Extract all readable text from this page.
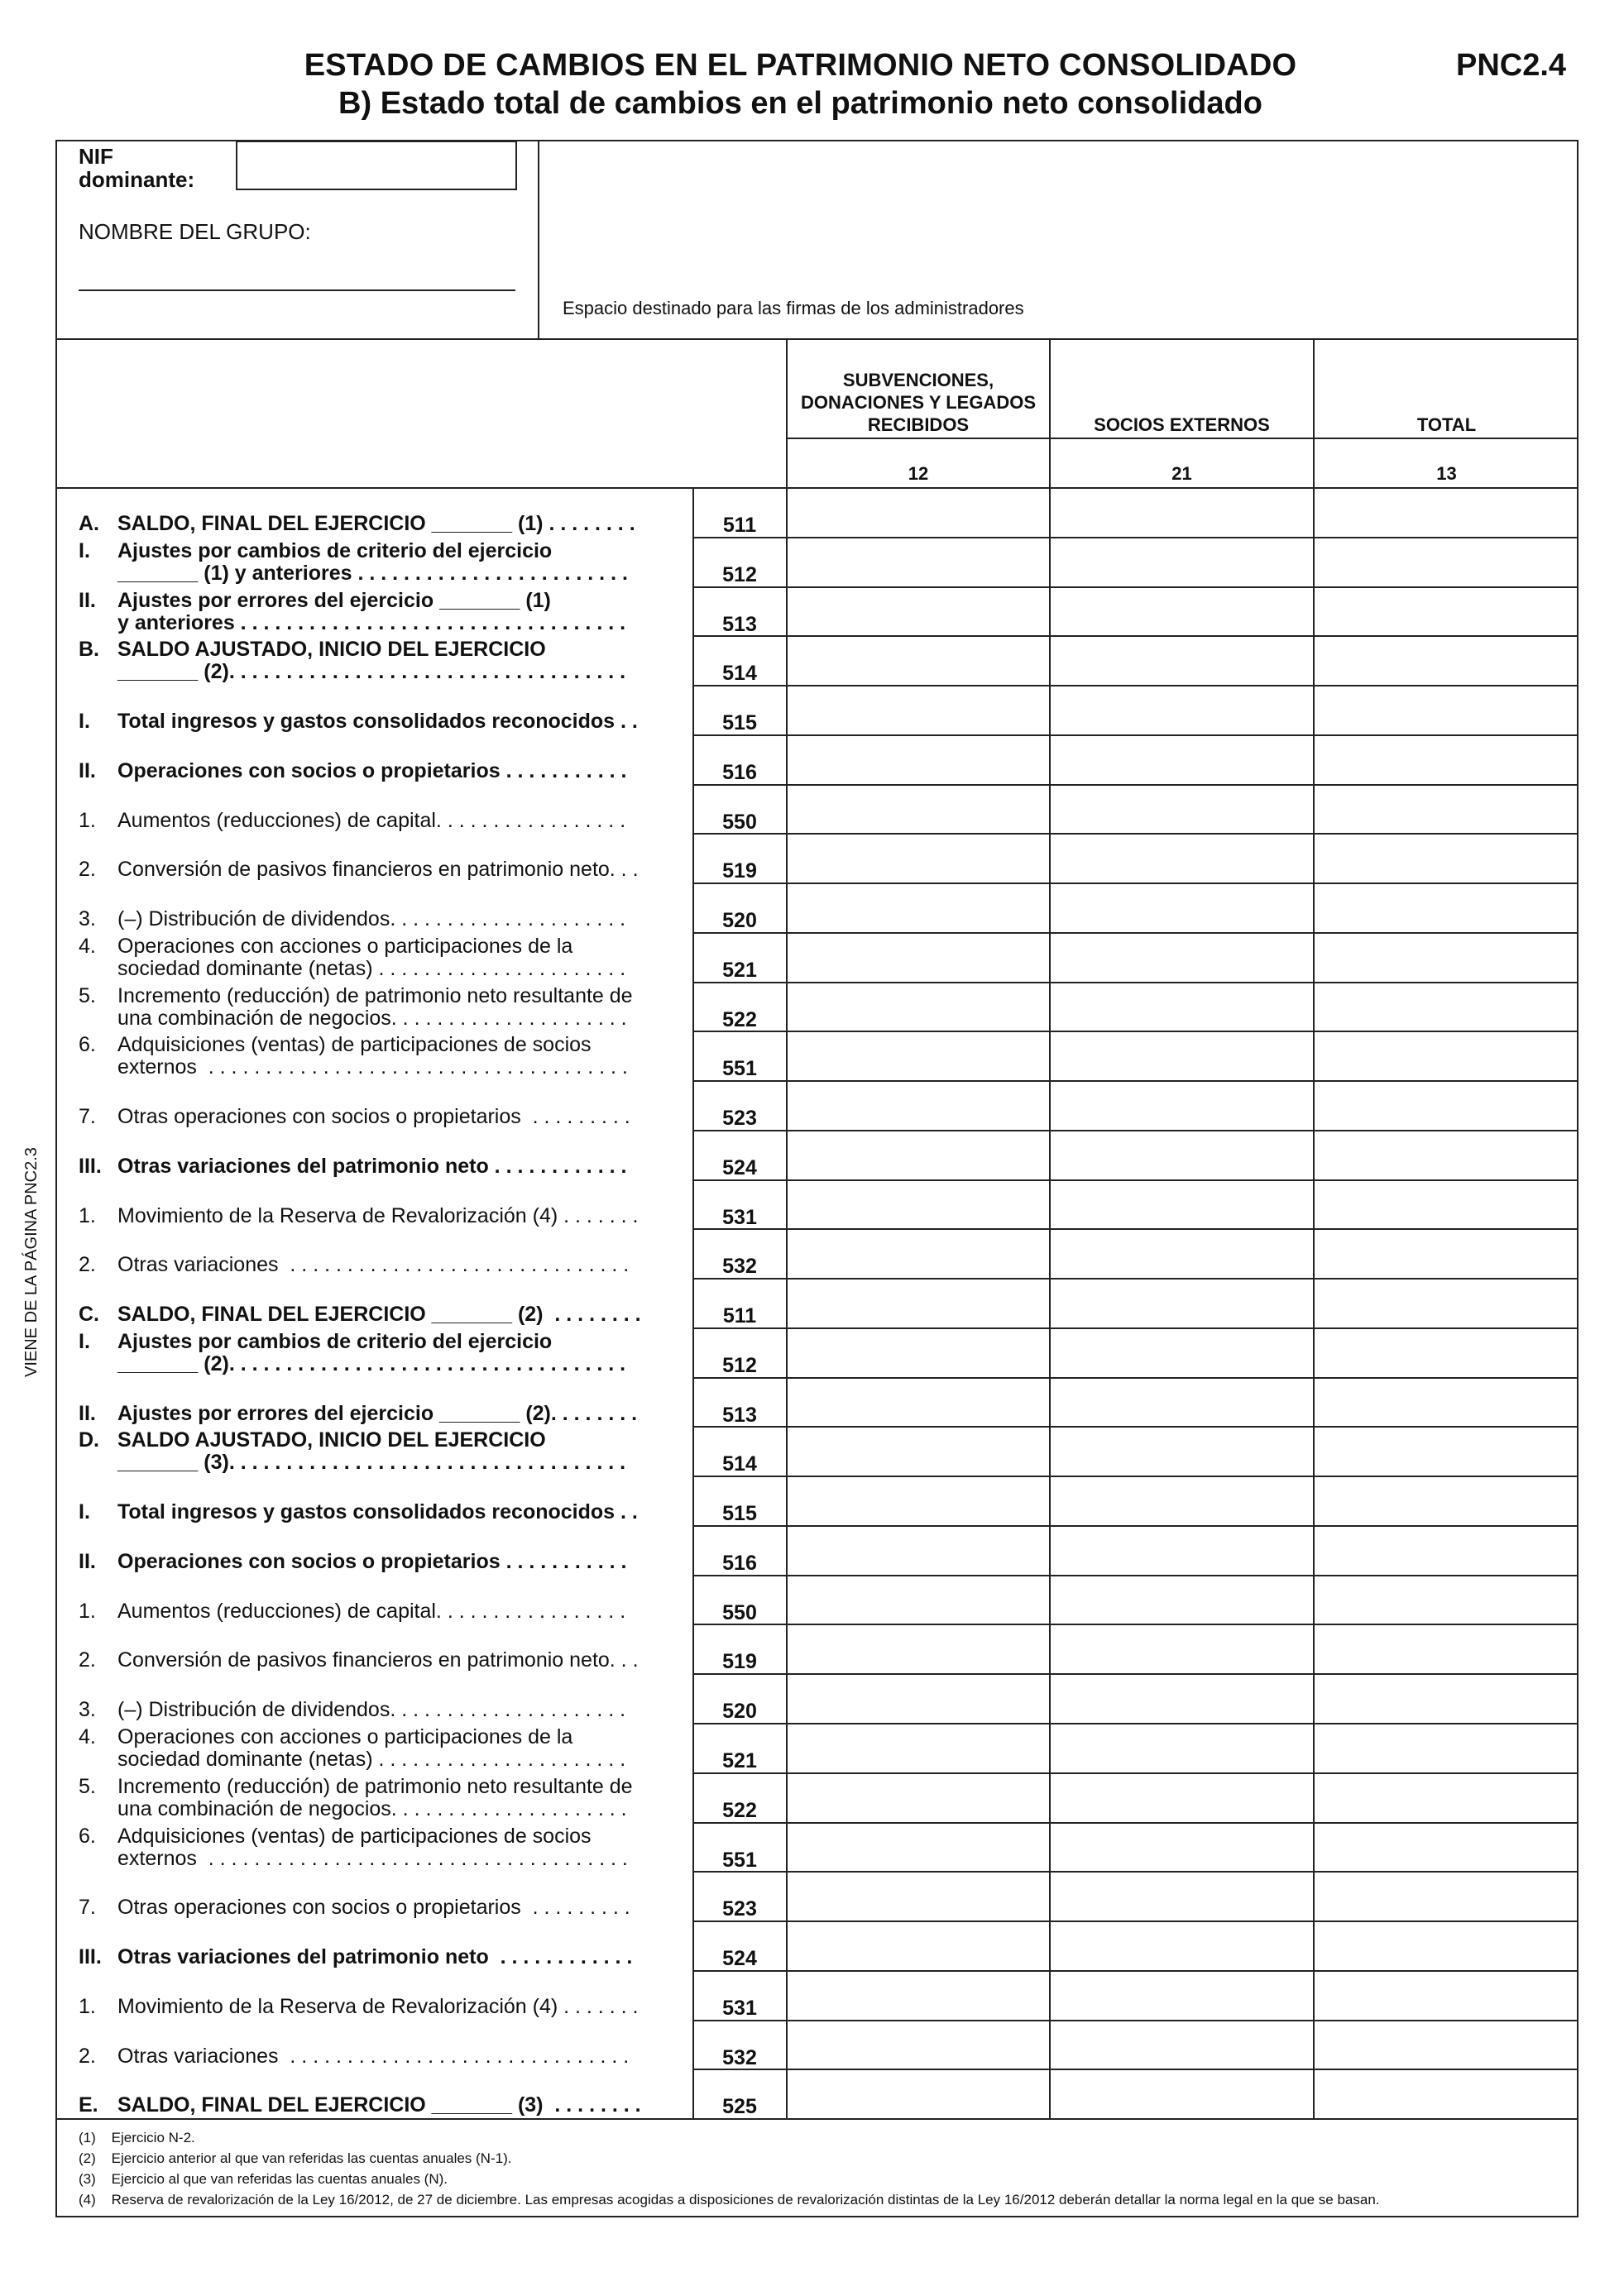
ESTADO DE CAMBIOS EN EL PATRIMONIO NETO CONSOLIDADO
B) Estado total de cambios en el patrimonio neto consolidado
PNC2.4
NIF
dominante:
NOMBRE DEL GRUPO:
Espacio destinado para las firmas de los administradores
SUBVENCIONES,
DONACIONES Y LEGADOS
RECIBIDOS	SOCIOS EXTERNOS	TOTAL
12	21	13
VIENE DE LA PÁGINA PNC2.3
A. SALDO, FINAL DEL EJERCICIO _______ (1) . . . . . . . .	511
I. Ajustes por cambios de criterio del ejercicio
_______ (1) y anteriores . . . . . . . . . . . . . . . . . . . . . . . .	512
II. Ajustes por errores del ejercicio _______ (1)
y anteriores . . . . . . . . . . . . . . . . . . . . . . . . . . . . . . . . . .	513
B. SALDO AJUSTADO, INICIO DEL EJERCICIO
_______ (2). . . . . . . . . . . . . . . . . . . . . . . . . . . . . . . . . . .	514
I. Total ingresos y gastos consolidados reconocidos . .	515
II. Operaciones con socios o propietarios . . . . . . . . . . .	516
1. Aumentos (reducciones) de capital. . . . . . . . . . . . . . . . .	550
2. Conversión de pasivos financieros en patrimonio neto. . .	519
3. (–) Distribución de dividendos. . . . . . . . . . . . . . . . . . . . .	520
4. Operaciones con acciones o participaciones de la
sociedad dominante (netas) . . . . . . . . . . . . . . . . . . . . . .	521
5. Incremento (reducción) de patrimonio neto resultante de
una combinación de negocios. . . . . . . . . . . . . . . . . . . . .	522
6. Adquisiciones (ventas) de participaciones de socios
externos  . . . . . . . . . . . . . . . . . . . . . . . . . . . . . . . . . . . . .	551
7. Otras operaciones con socios o propietarios  . . . . . . . . .	523
III. Otras variaciones del patrimonio neto . . . . . . . . . . . .	524
1. Movimiento de la Reserva de Revalorización (4) . . . . . . .	531
2. Otras variaciones  . . . . . . . . . . . . . . . . . . . . . . . . . . . . . .	532
C. SALDO, FINAL DEL EJERCICIO _______ (2)  . . . . . . . .	511
I. Ajustes por cambios de criterio del ejercicio
_______ (2). . . . . . . . . . . . . . . . . . . . . . . . . . . . . . . . . . .	512
II. Ajustes por errores del ejercicio _______ (2). . . . . . . .	513
D. SALDO AJUSTADO, INICIO DEL EJERCICIO
_______ (3). . . . . . . . . . . . . . . . . . . . . . . . . . . . . . . . . . .	514
I. Total ingresos y gastos consolidados reconocidos . .	515
II. Operaciones con socios o propietarios . . . . . . . . . . .	516
1. Aumentos (reducciones) de capital. . . . . . . . . . . . . . . . .	550
2. Conversión de pasivos financieros en patrimonio neto. . .	519
3. (–) Distribución de dividendos. . . . . . . . . . . . . . . . . . . . .	520
4. Operaciones con acciones o participaciones de la
sociedad dominante (netas) . . . . . . . . . . . . . . . . . . . . . .	521
5. Incremento (reducción) de patrimonio neto resultante de
una combinación de negocios. . . . . . . . . . . . . . . . . . . . .	522
6. Adquisiciones (ventas) de participaciones de socios
externos  . . . . . . . . . . . . . . . . . . . . . . . . . . . . . . . . . . . . .	551
7. Otras operaciones con socios o propietarios  . . . . . . . . .	523
III. Otras variaciones del patrimonio neto  . . . . . . . . . . . .	524
1. Movimiento de la Reserva de Revalorización (4) . . . . . . .	531
2. Otras variaciones  . . . . . . . . . . . . . . . . . . . . . . . . . . . . . .	532
E. SALDO, FINAL DEL EJERCICIO _______ (3)  . . . . . . . .	525
(1)    Ejercicio N-2.
(2)    Ejercicio anterior al que van referidas las cuentas anuales (N-1).
(3)    Ejercicio al que van referidas las cuentas anuales (N).
(4)    Reserva de revalorización de la Ley 16/2012, de 27 de diciembre. Las empresas acogidas a disposiciones de revalorización distintas de la Ley 16/2012 deberán detallar la norma legal en la que se basan.
